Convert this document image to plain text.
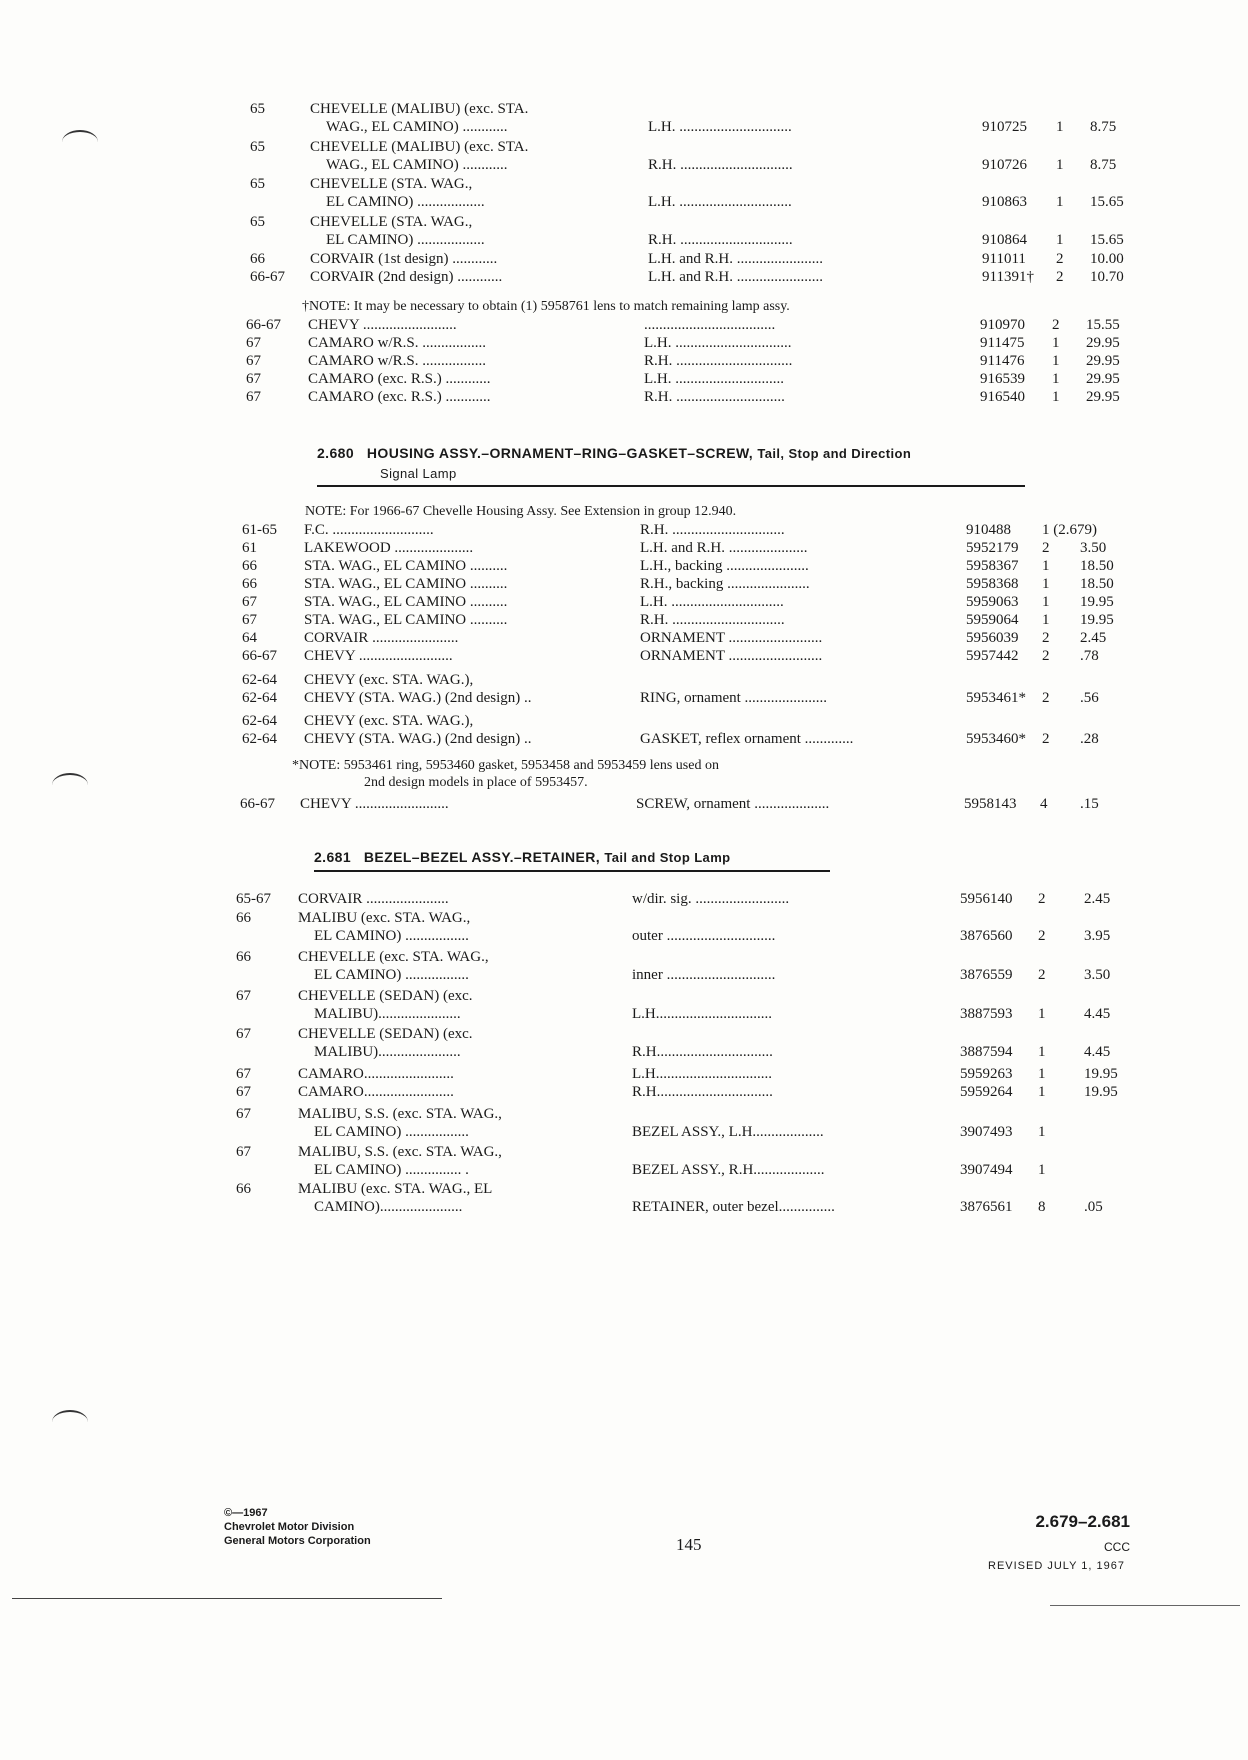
65	CHEVELLE (MALIBU) (exc. STA.
WAG., EL CAMINO) ............	L.H. ..............................	910725 1 8.75
65	CHEVELLE (MALIBU) (exc. STA.
WAG., EL CAMINO) ............	R.H. ..............................	910726 1 8.75
65	CHEVELLE (STA. WAG.,
EL CAMINO) ..................	L.H. ..............................	910863 1 15.65
65	CHEVELLE (STA. WAG.,
EL CAMINO) ..................	R.H. ..............................	910864 1 15.65
66	CORVAIR (1st design) ............	L.H. and R.H. .......................	911011 2 10.00
66-67 CORVAIR (2nd design) ............	L.H. and R.H. .......................	911391† 2 10.70
†NOTE: It may be necessary to obtain (1) 5958761 lens to match remaining lamp assy.
66-67 CHEVY .........................	...................................	910970 2 15.55
67	CAMARO w/R.S. .................	L.H. ...............................	911475 1 29.95
67	CAMARO w/R.S. .................	R.H. ...............................	911476 1 29.95
67	CAMARO (exc. R.S.) ............	L.H. .............................	916539 1 29.95
67	CAMARO (exc. R.S.) ............	R.H. .............................	916540 1 29.95
2.680 HOUSING ASSY.–ORNAMENT–RING–GASKET–SCREW, Tail, Stop and Direction
Signal Lamp
NOTE: For 1966-67 Chevelle Housing Assy. See Extension in group 12.940.
61-65 F.C. ...........................	R.H. ..............................	910488 1 (2.679)
61	LAKEWOOD .....................	L.H. and R.H. .....................	5952179 2 3.50
66	STA. WAG., EL CAMINO ..........	L.H., backing ......................	5958367 1 18.50
66	STA. WAG., EL CAMINO ..........	R.H., backing ......................	5958368 1 18.50
67	STA. WAG., EL CAMINO ..........	L.H. ..............................	5959063 1 19.95
67	STA. WAG., EL CAMINO ..........	R.H. ..............................	5959064 1 19.95
64	CORVAIR .......................	ORNAMENT .........................	5956039 2 2.45
66-67 CHEVY .........................	ORNAMENT .........................	5957442 2 .78
62-64 CHEVY (exc. STA. WAG.),
62-64 CHEVY (STA. WAG.) (2nd design) ..	RING, ornament ......................	5953461* 2 .56
62-64 CHEVY (exc. STA. WAG.),
62-64 CHEVY (STA. WAG.) (2nd design) ..	GASKET, reflex ornament .............	5953460* 2 .28
*NOTE: 5953461 ring, 5953460 gasket, 5953458 and 5953459 lens used on
2nd design models in place of 5953457.
66-67 CHEVY .........................	SCREW, ornament ....................	5958143 4 .15
2.681 BEZEL–BEZEL ASSY.–RETAINER, Tail and Stop Lamp
65-67 CORVAIR ......................	w/dir. sig. .........................	5956140 2	2.45
66	MALIBU (exc. STA. WAG.,
EL CAMINO) .................	outer .............................	3876560 2	3.95
66	CHEVELLE (exc. STA. WAG.,
EL CAMINO) .................	inner .............................	3876559 2	3.50
67	CHEVELLE (SEDAN) (exc.
MALIBU)......................	L.H...............................	3887593 1	4.45
67	CHEVELLE (SEDAN) (exc.
MALIBU)......................	R.H...............................	3887594 1	4.45
67	CAMARO........................	L.H...............................	5959263 1	19.95
67	CAMARO........................	R.H...............................	5959264 1	19.95
67	MALIBU, S.S. (exc. STA. WAG.,
EL CAMINO) .................	BEZEL ASSY., L.H...................	3907493 1
67	MALIBU, S.S. (exc. STA. WAG.,
EL CAMINO) ............... .	BEZEL ASSY., R.H...................	3907494 1
66	MALIBU (exc. STA. WAG., EL
CAMINO)......................	RETAINER, outer bezel...............	3876561 8	.05
©—1967
Chevrolet Motor Division
General Motors Corporation	145
2.679–2.681
CCC
REVISED JULY 1, 1967
